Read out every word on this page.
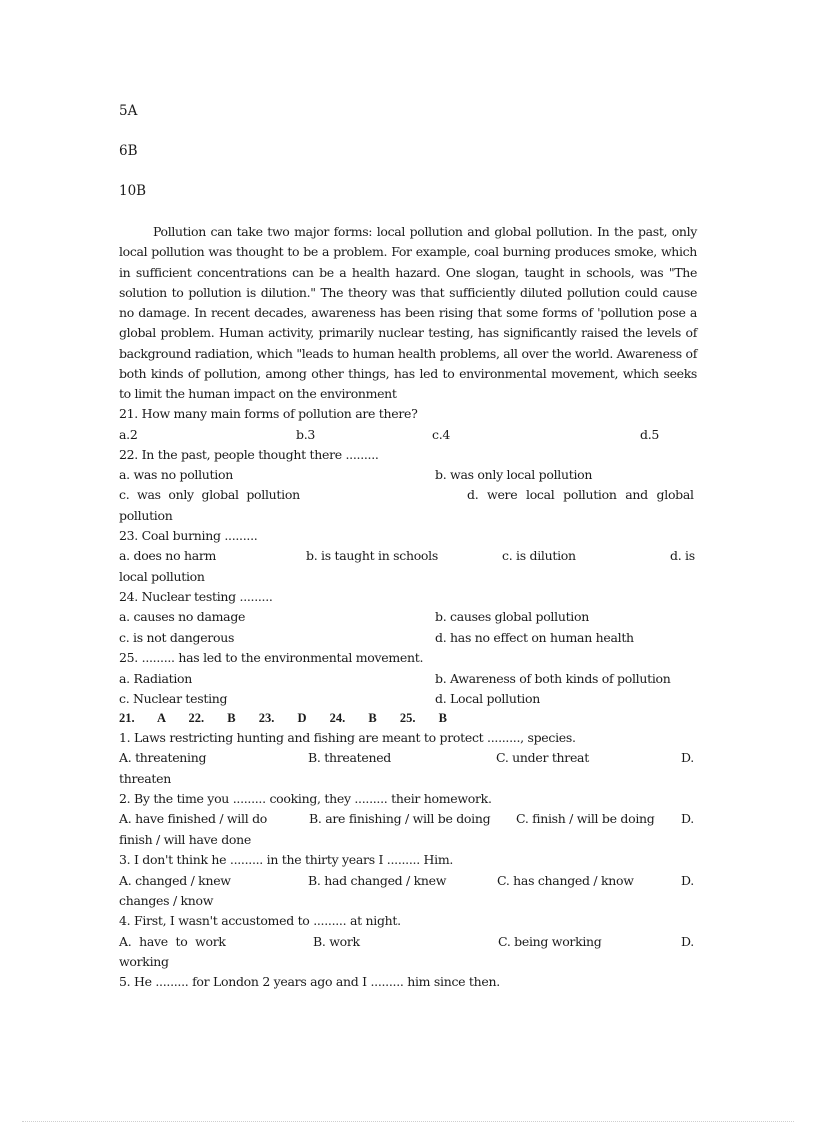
5A
6B
10B
Pollution can take two major forms: local pollution and global pollution. In the past, only local pollution was thought to be a problem. For example, coal burning produces smoke, which in sufficient concentrations can be a health hazard. One slogan, taught in schools, was "The solution to pollution is dilution." The theory was that sufficiently diluted pollution could cause no damage. In recent decades, awareness has been rising that some forms of 'pollution pose a global problem. Human activity, primarily nuclear testing, has significantly raised the levels of background radiation, which "leads to human health problems, all over the world. Awareness of both kinds of pollution, among other things, has led to environmental movement, which seeks to limit the human impact on the environment
21. How many main forms of pollution are there?
a.2	b.3	c.4	d.5
22. In the past, people thought there .........
a. was no pollution	b. was only local pollution
c. was only global pollution	d. were local pollution and global
pollution
23. Coal burning .........
a. does no harm	b. is taught in schools	c. is dilution	d. is
local pollution
24. Nuclear testing .........
a. causes no damage	b. causes global pollution
c. is not dangerous	d. has no effect on human health
25. ......... has led to the environmental movement.
a. Radiation	b. Awareness of both kinds of pollution
c. Nuclear testing	d. Local pollution
21. A 22. B 23. D 24. B 25. B
1. Laws restricting hunting and fishing are meant to protect ........., species.
A. threatening	B. threatened	C. under threat	D.
threaten
2. By the time you ......... cooking, they ......... their homework.
A. have finished / will do	B. are finishing / will be doing C. finish / will be doing D.
finish / will have done
3. I don't think he ......... in the thirty years I ......... Him.
A. changed / knew	B. had changed / knew	C. has changed / know	D.
changes / know
4. First, I wasn't accustomed to ......... at night.
A. have to work	B. work	C. being working	D.
working
5. He ......... for London 2 years ago and I ......... him since then.
